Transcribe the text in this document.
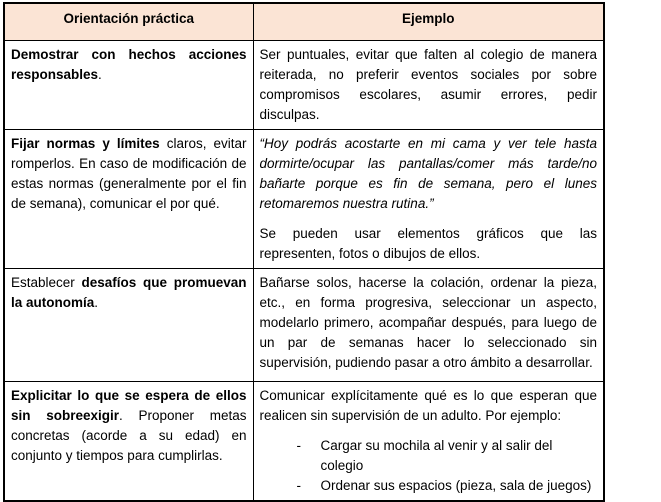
Orientación práctica	Ejemplo

Demostrar con hechos acciones responsables.	Ser puntuales, evitar que falten al colegio de manera reiterada, no preferir eventos sociales por sobre compromisos escolares, asumir errores, pedir disculpas.

Fijar normas y límites claros, evitar romperlos. En caso de modificación de estas normas (generalmente por el fin de semana), comunicar el por qué.	“Hoy podrás acostarte en mi cama y ver tele hasta dormirte/ocupar las pantallas/comer más tarde/no bañarte porque es fin de semana, pero el lunes retomaremos nuestra rutina.”

Se pueden usar elementos gráficos que las representen, fotos o dibujos de ellos.

Establecer desafíos que promuevan la autonomía.	Bañarse solos, hacerse la colación, ordenar la pieza, etc., en forma progresiva, seleccionar un aspecto, modelarlo primero, acompañar después, para luego de un par de semanas hacer lo seleccionado sin supervisión, pudiendo pasar a otro ámbito a desarrollar.

Explicitar lo que se espera de ellos sin sobreexigir. Proponer metas concretas (acorde a su edad) en conjunto y tiempos para cumplirlas.	Comunicar explícitamente qué es lo que esperan que realicen sin supervisión de un adulto. Por ejemplo:

- Cargar su mochila al venir y al salir del colegio
- Ordenar sus espacios (pieza, sala de juegos)
